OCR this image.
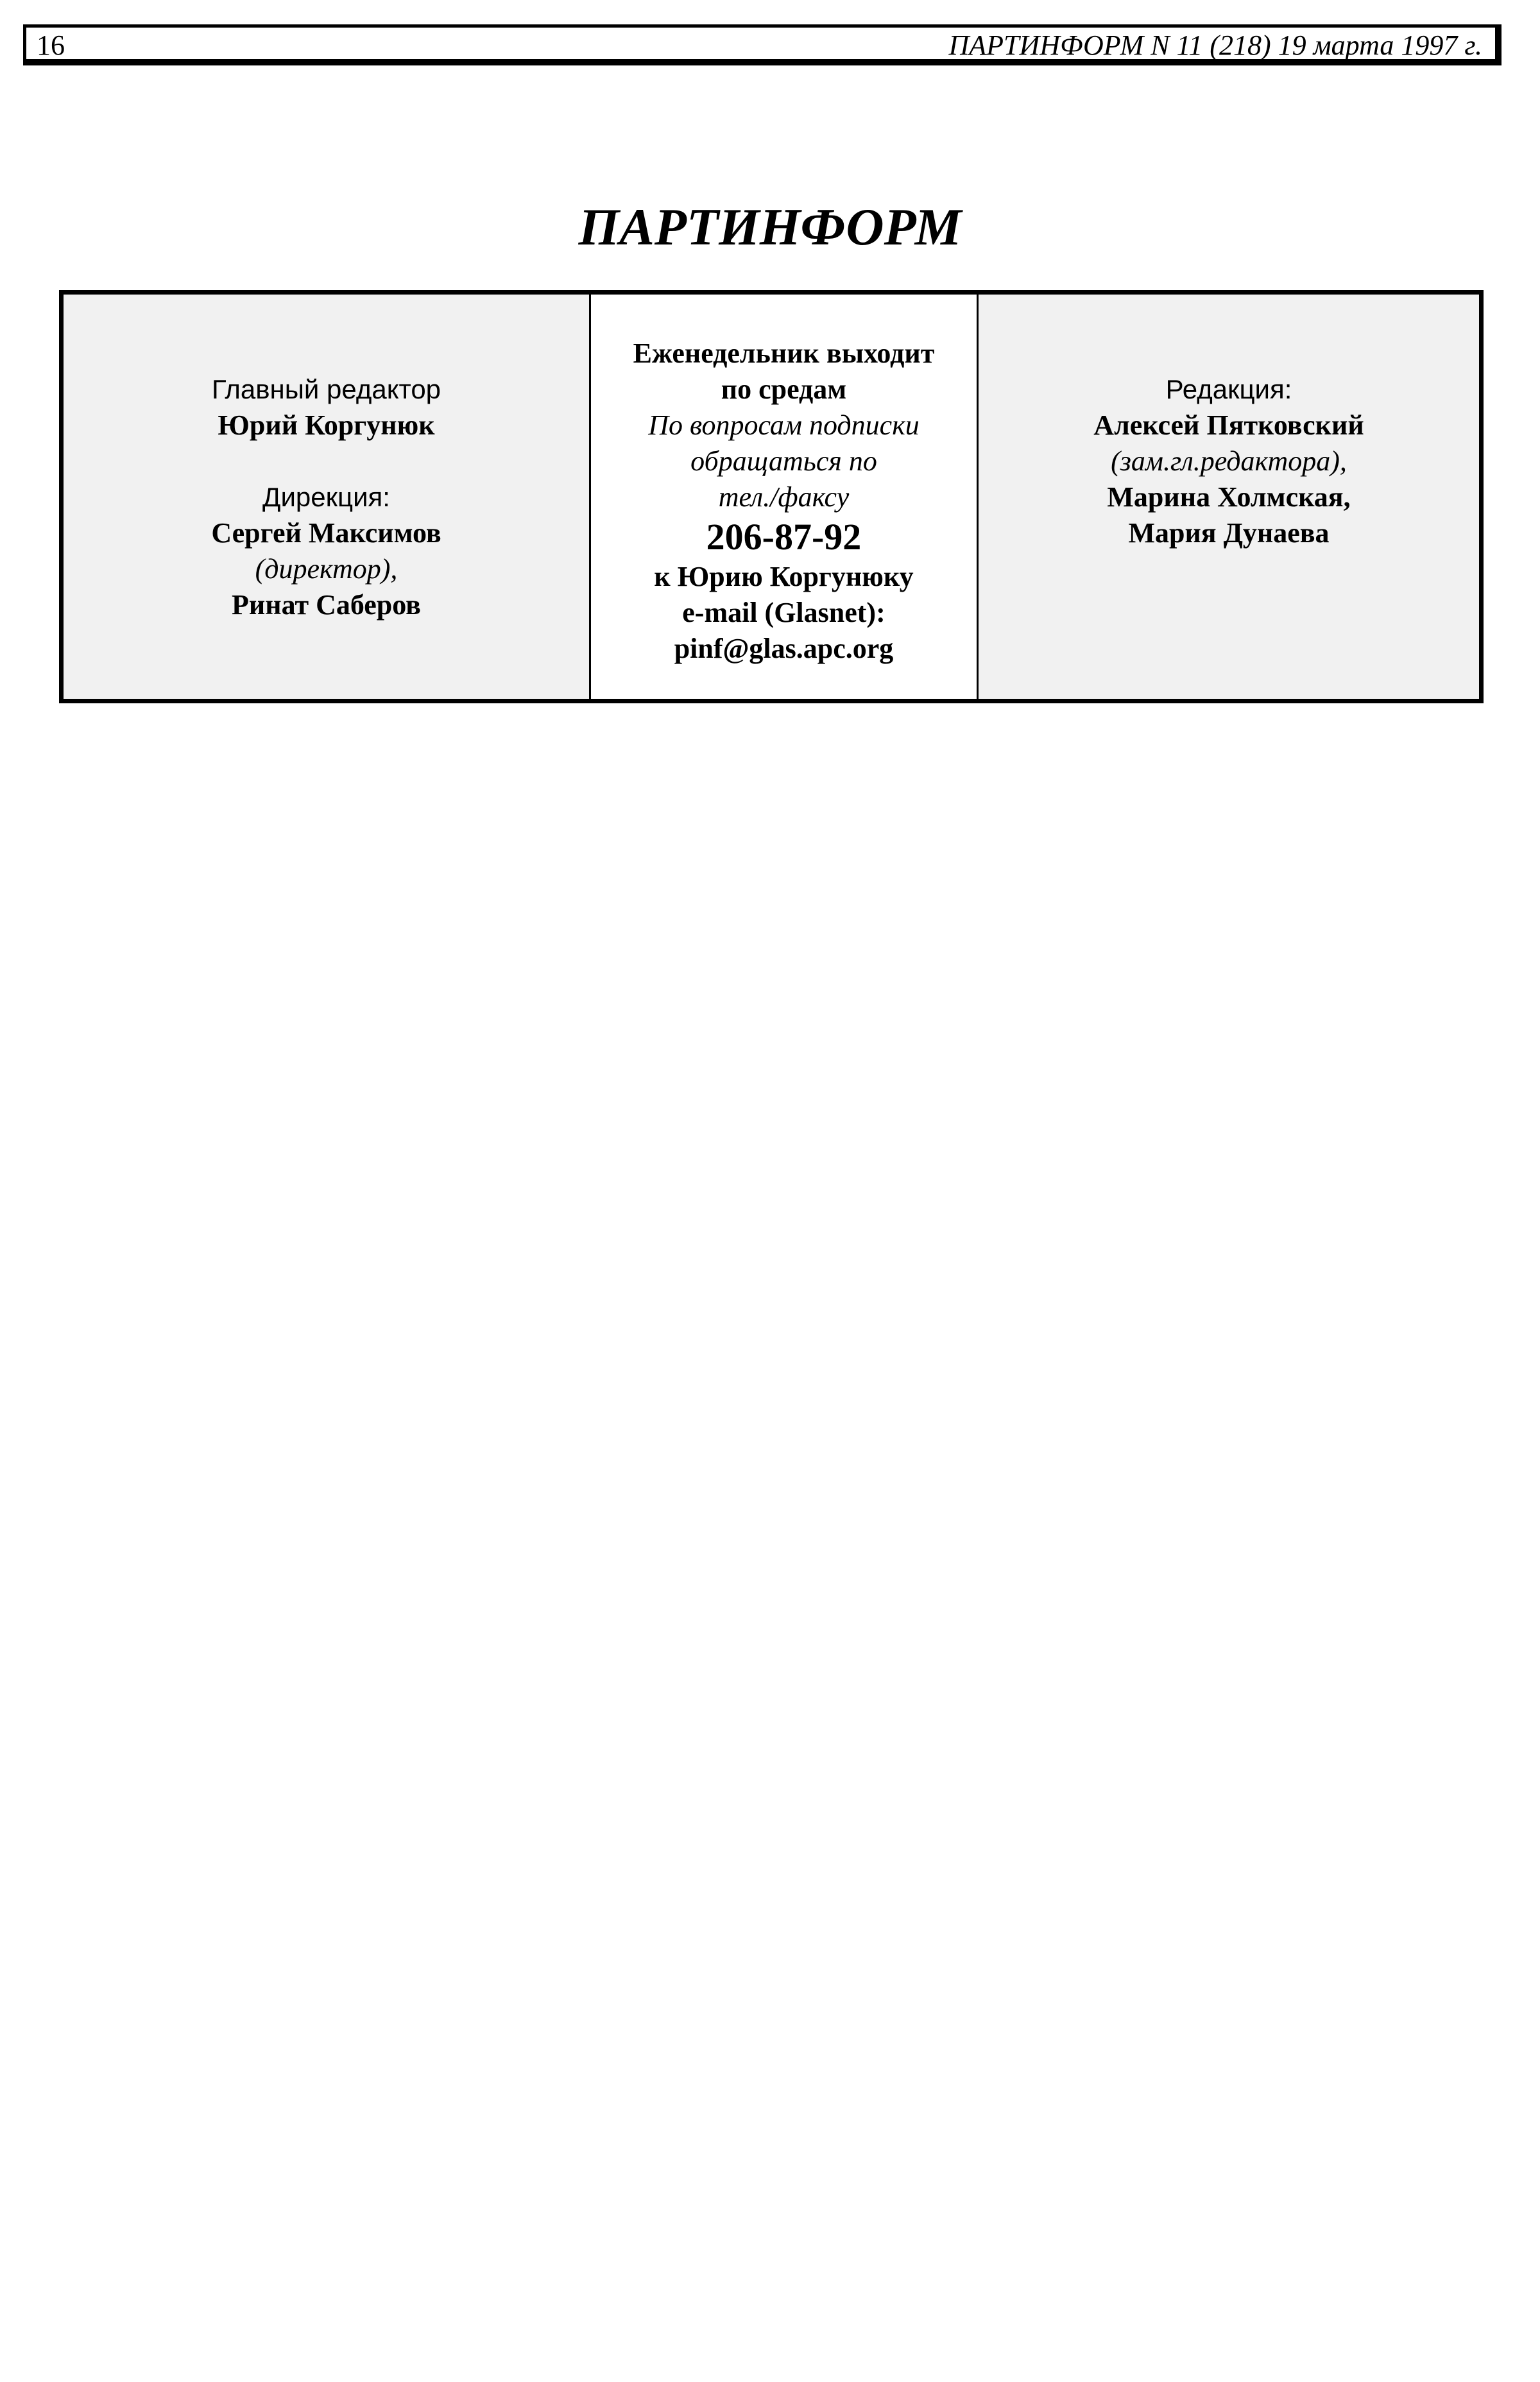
16	ПАРТИНФОРМ N 11 (218) 19 марта 1997 г.
ПАРТИНФОРМ
Главный редактор
Юрий Коргунюк
Дирекция:
Сергей Максимов
(директор),
Ринат Саберов
Еженедельник выходит
по средам
По вопросам подписки
обращаться по
тел./факсу
206-87-92
к Юрию Коргунюку
e-mail (Glasnet):
pinf@glas.apc.org
Редакция:
Алексей Пятковский
(зам.гл.редактора),
Марина Холмская,
Мария Дунаева
